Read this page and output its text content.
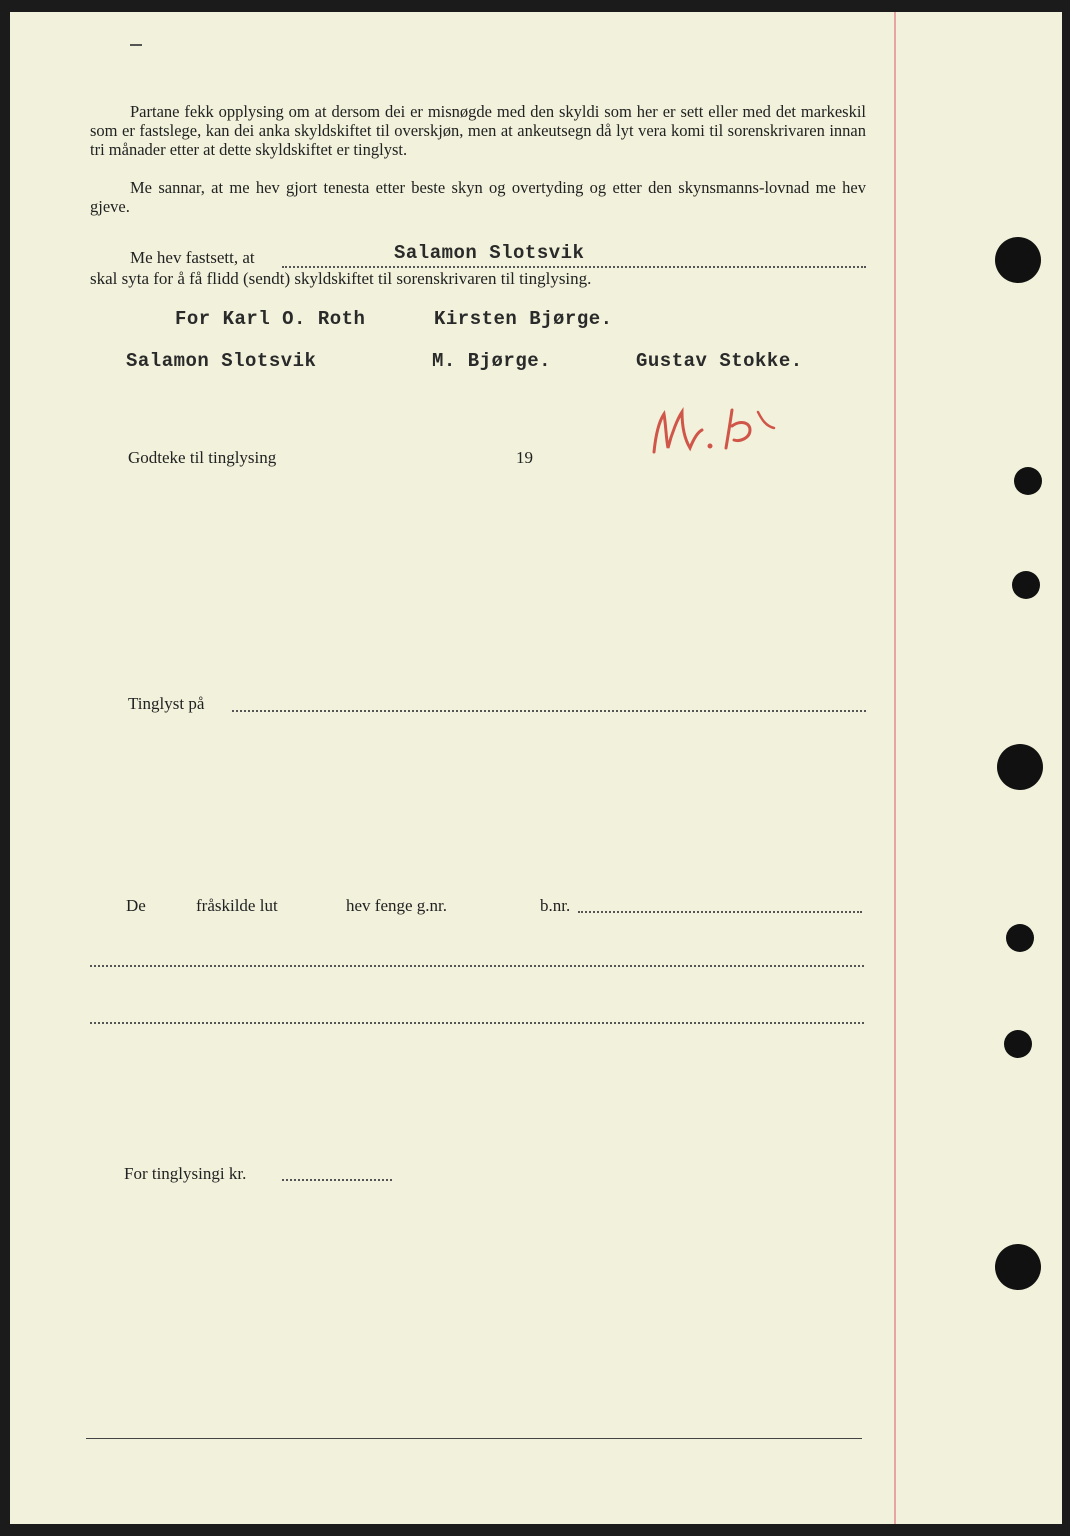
Partane fekk opplysing om at dersom dei er misnøgde med den skyldi som her er sett eller med det markeskil som er fastslege, kan dei anka skyldskiftet til overskjøn, men at ankeutsegn då lyt vera komi til sorenskrivaren innan tri månader etter at dette skyldskiftet er tinglyst.

Me sannar, at me hev gjort tenesta etter beste skyn og overtyding og etter den skynsmanns-lovnad me hev gjeve.

Me hev fastsett, at	Salamon Slotsvik
skal syta for å få flidd (sendt) skyldskiftet til sorenskrivaren til tinglysing.
For Karl O. Roth	Kirsten Bjørge.
Salamon Slotsvik	M. Bjørge.	Gustav Stokke.
Godteke til tinglysing	19
Tinglyst på
De	fråskilde lut	hev fenge g.nr.	b.nr.
For tinglysingi kr.
